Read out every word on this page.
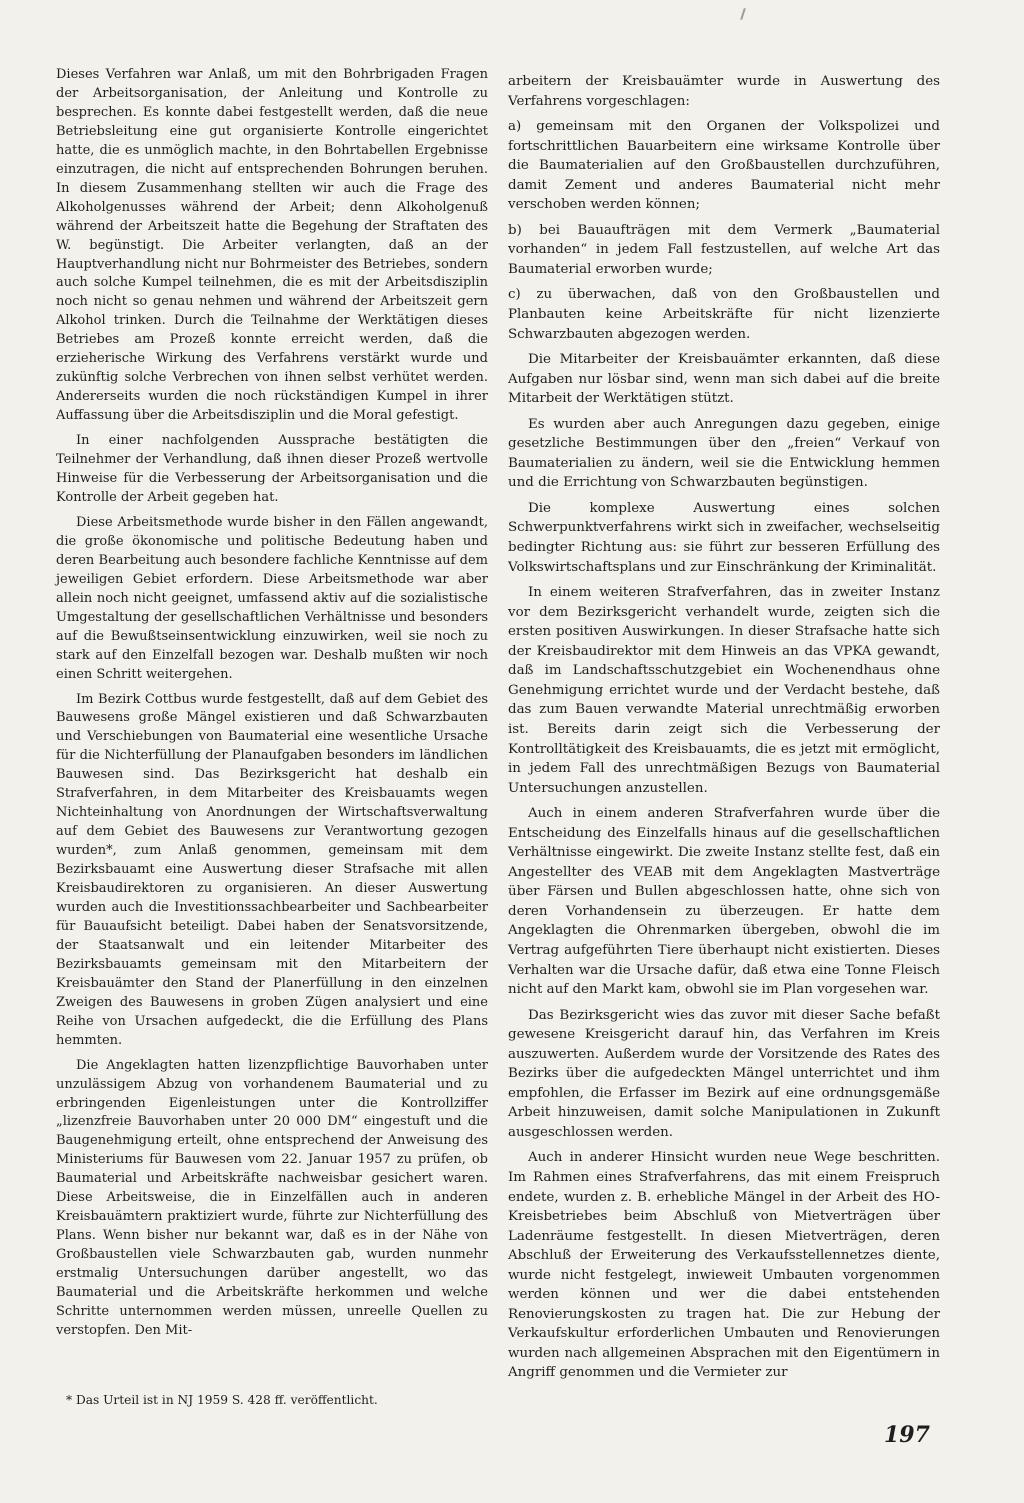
Dieses Verfahren war Anlaß, um mit den Bohrbrigaden Fragen der Arbeitsorganisation, der Anleitung und Kontrolle zu besprechen. Es konnte dabei festgestellt werden, daß die neue Betriebsleitung eine gut organisierte Kontrolle eingerichtet hatte, die es unmöglich machte, in den Bohrtabellen Ergebnisse einzutragen, die nicht auf entsprechenden Bohrungen beruhen. In diesem Zusammenhang stellten wir auch die Frage des Alkoholgenusses während der Arbeit; denn Alkoholgenuß während der Arbeitszeit hatte die Begehung der Straftaten des W. begünstigt. Die Arbeiter verlangten, daß an der Hauptverhandlung nicht nur Bohrmeister des Betriebes, sondern auch solche Kumpel teilnehmen, die es mit der Arbeitsdisziplin noch nicht so genau nehmen und während der Arbeitszeit gern Alkohol trinken. Durch die Teilnahme der Werktätigen dieses Betriebes am Prozeß konnte erreicht werden, daß die erzieherische Wirkung des Verfahrens verstärkt wurde und zukünftig solche Verbrechen von ihnen selbst verhütet werden. Andererseits wurden die noch rückständigen Kumpel in ihrer Auffassung über die Arbeitsdisziplin und die Moral gefestigt.

In einer nachfolgenden Aussprache bestätigten die Teilnehmer der Verhandlung, daß ihnen dieser Prozeß wertvolle Hinweise für die Verbesserung der Arbeitsorganisation und die Kontrolle der Arbeit gegeben hat.

Diese Arbeitsmethode wurde bisher in den Fällen angewandt, die große ökonomische und politische Bedeutung haben und deren Bearbeitung auch besondere fachliche Kenntnisse auf dem jeweiligen Gebiet erfordern. Diese Arbeitsmethode war aber allein noch nicht geeignet, umfassend aktiv auf die sozialistische Umgestaltung der gesellschaftlichen Verhältnisse und besonders auf die Bewußtseinsentwicklung einzuwirken, weil sie noch zu stark auf den Einzelfall bezogen war. Deshalb mußten wir noch einen Schritt weitergehen.

Im Bezirk Cottbus wurde festgestellt, daß auf dem Gebiet des Bauwesens große Mängel existieren und daß Schwarzbauten und Verschiebungen von Baumaterial eine wesentliche Ursache für die Nichterfüllung der Planaufgaben besonders im ländlichen Bauwesen sind. Das Bezirksgericht hat deshalb ein Strafverfahren, in dem Mitarbeiter des Kreisbauamts wegen Nichteinhaltung von Anordnungen der Wirtschaftsverwaltung auf dem Gebiet des Bauwesens zur Verantwortung gezogen wurden*, zum Anlaß genommen, gemeinsam mit dem Bezirksbauamt eine Auswertung dieser Strafsache mit allen Kreisbaudirektoren zu organisieren. An dieser Auswertung wurden auch die Investitionssachbearbeiter und Sachbearbeiter für Bauaufsicht beteiligt. Dabei haben der Senatsvorsitzende, der Staatsanwalt und ein leitender Mitarbeiter des Bezirksbauamts gemeinsam mit den Mitarbeitern der Kreisbauämter den Stand der Planerfüllung in den einzelnen Zweigen des Bauwesens in groben Zügen analysiert und eine Reihe von Ursachen aufgedeckt, die die Erfüllung des Plans hemmten.

Die Angeklagten hatten lizenzpflichtige Bauvorhaben unter unzulässigem Abzug von vorhandenem Baumaterial und zu erbringenden Eigenleistungen unter die Kontrollziffer „lizenzfreie Bauvorhaben unter 20 000 DM“ eingestuft und die Baugenehmigung erteilt, ohne entsprechend der Anweisung des Ministeriums für Bauwesen vom 22. Januar 1957 zu prüfen, ob Baumaterial und Arbeitskräfte nachweisbar gesichert waren. Diese Arbeitsweise, die in Einzelfällen auch in anderen Kreisbauämtern praktiziert wurde, führte zur Nichterfüllung des Plans. Wenn bisher nur bekannt war, daß es in der Nähe von Großbaustellen viele Schwarzbauten gab, wurden nunmehr erstmalig Untersuchungen darüber angestellt, wo das Baumaterial und die Arbeitskräfte herkommen und welche Schritte unternommen werden müssen, unreelle Quellen zu verstopfen. Den Mit-

arbeitern der Kreisbauämter wurde in Auswertung des Verfahrens vorgeschlagen:

a) gemeinsam mit den Organen der Volkspolizei und fortschrittlichen Bauarbeitern eine wirksame Kontrolle über die Baumaterialien auf den Großbaustellen durchzuführen, damit Zement und anderes Baumaterial nicht mehr verschoben werden können;

b) bei Bauaufträgen mit dem Vermerk „Baumaterial vorhanden“ in jedem Fall festzustellen, auf welche Art das Baumaterial erworben wurde;

c) zu überwachen, daß von den Großbaustellen und Planbauten keine Arbeitskräfte für nicht lizenzierte Schwarzbauten abgezogen werden.

Die Mitarbeiter der Kreisbauämter erkannten, daß diese Aufgaben nur lösbar sind, wenn man sich dabei auf die breite Mitarbeit der Werktätigen stützt.

Es wurden aber auch Anregungen dazu gegeben, einige gesetzliche Bestimmungen über den „freien“ Verkauf von Baumaterialien zu ändern, weil sie die Entwicklung hemmen und die Errichtung von Schwarzbauten begünstigen.

Die komplexe Auswertung eines solchen Schwerpunktverfahrens wirkt sich in zweifacher, wechselseitig bedingter Richtung aus: sie führt zur besseren Erfüllung des Volkswirtschaftsplans und zur Einschränkung der Kriminalität.

In einem weiteren Strafverfahren, das in zweiter Instanz vor dem Bezirksgericht verhandelt wurde, zeigten sich die ersten positiven Auswirkungen. In dieser Strafsache hatte sich der Kreisbaudirektor mit dem Hinweis an das VPKA gewandt, daß im Landschaftsschutzgebiet ein Wochenendhaus ohne Genehmigung errichtet wurde und der Verdacht bestehe, daß das zum Bauen verwandte Material unrechtmäßig erworben ist. Bereits darin zeigt sich die Verbesserung der Kontrolltätigkeit des Kreisbauamts, die es jetzt mit ermöglicht, in jedem Fall des unrechtmäßigen Bezugs von Baumaterial Untersuchungen anzustellen.

Auch in einem anderen Strafverfahren wurde über die Entscheidung des Einzelfalls hinaus auf die gesellschaftlichen Verhältnisse eingewirkt. Die zweite Instanz stellte fest, daß ein Angestellter des VEAB mit dem Angeklagten Mastverträge über Färsen und Bullen abgeschlossen hatte, ohne sich von deren Vorhandensein zu überzeugen. Er hatte dem Angeklagten die Ohrenmarken übergeben, obwohl die im Vertrag aufgeführten Tiere überhaupt nicht existierten. Dieses Verhalten war die Ursache dafür, daß etwa eine Tonne Fleisch nicht auf den Markt kam, obwohl sie im Plan vorgesehen war.

Das Bezirksgericht wies das zuvor mit dieser Sache befaßt gewesene Kreisgericht darauf hin, das Verfahren im Kreis auszuwerten. Außerdem wurde der Vorsitzende des Rates des Bezirks über die aufgedeckten Mängel unterrichtet und ihm empfohlen, die Erfasser im Bezirk auf eine ordnungsgemäße Arbeit hinzuweisen, damit solche Manipulationen in Zukunft ausgeschlossen werden.

Auch in anderer Hinsicht wurden neue Wege beschritten. Im Rahmen eines Strafverfahrens, das mit einem Freispruch endete, wurden z. B. erhebliche Mängel in der Arbeit des HO-Kreisbetriebes beim Abschluß von Mietverträgen über Ladenräume festgestellt. In diesen Mietverträgen, deren Abschluß der Erweiterung des Verkaufsstellennetzes diente, wurde nicht festgelegt, inwieweit Umbauten vorgenommen werden können und wer die dabei entstehenden Renovierungskosten zu tragen hat. Die zur Hebung der Verkaufskultur erforderlichen Umbauten und Renovierungen wurden nach allgemeinen Absprachen mit den Eigentümern in Angriff genommen und die Vermieter zur

* Das Urteil ist in NJ 1959 S. 428 ff. veröffentlicht.
197
